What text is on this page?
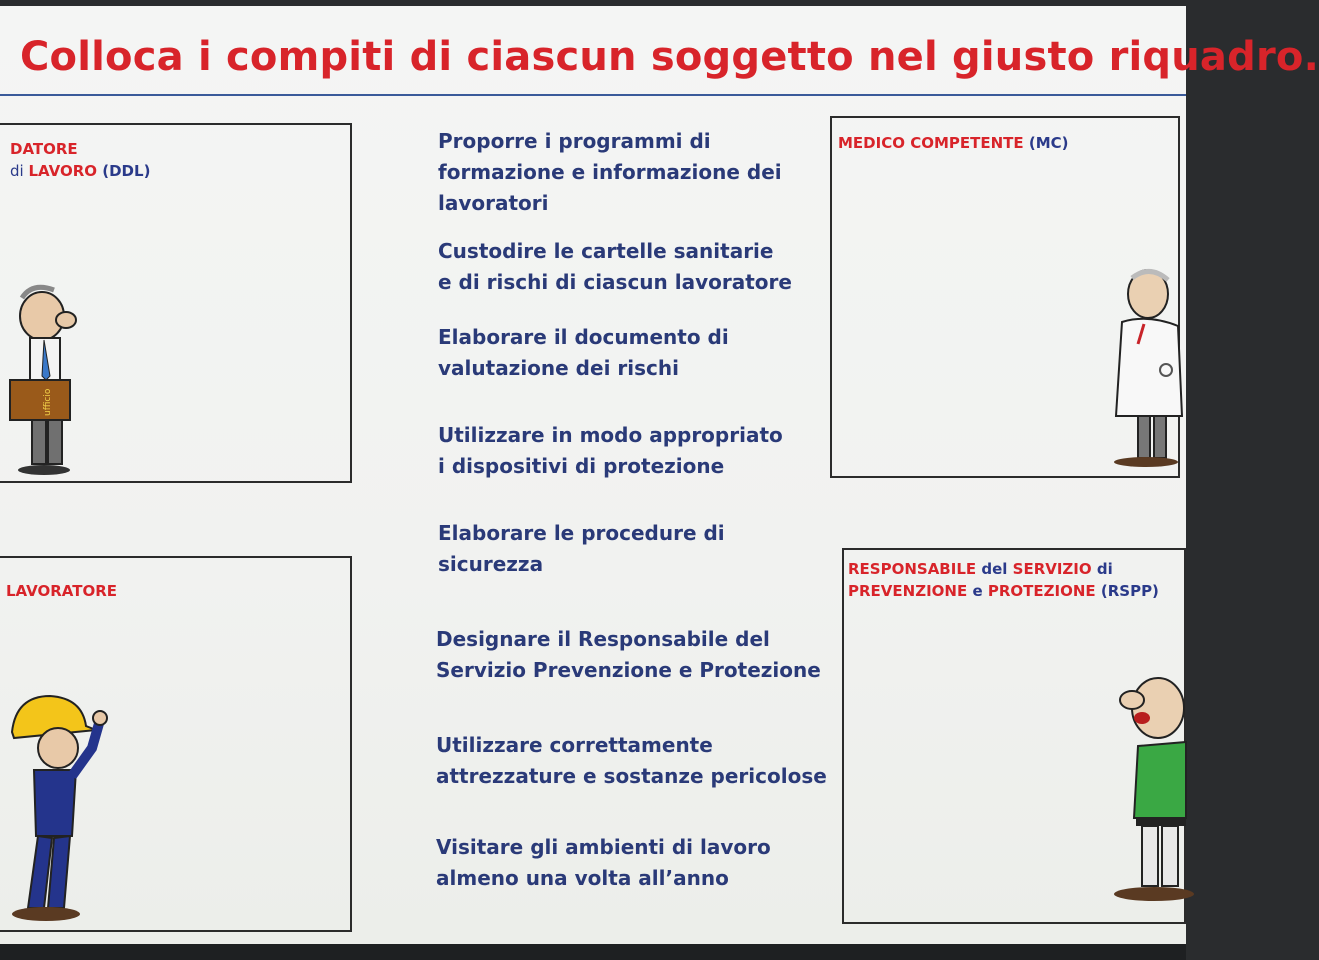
Colloca i compiti di ciascun soggetto nel giusto riquadro.
DATORE
di LAVORO (DDL)
MEDICO COMPETENTE (MC)
LAVORATORE
RESPONSABILE del SERVIZIO di
PREVENZIONE e PROTEZIONE (RSPP)
Proporre i programmi di
formazione e informazione dei
lavoratori
Custodire le cartelle sanitarie
e di rischi di ciascun lavoratore
Elaborare il documento di
valutazione dei rischi
Utilizzare in modo appropriato
i dispositivi di protezione
Elaborare le procedure di
sicurezza
Designare il Responsabile del
Servizio Prevenzione e Protezione
Utilizzare correttamente
attrezzature e sostanze pericolose
Visitare gli ambienti di lavoro
almeno una volta all’anno
ufficio
